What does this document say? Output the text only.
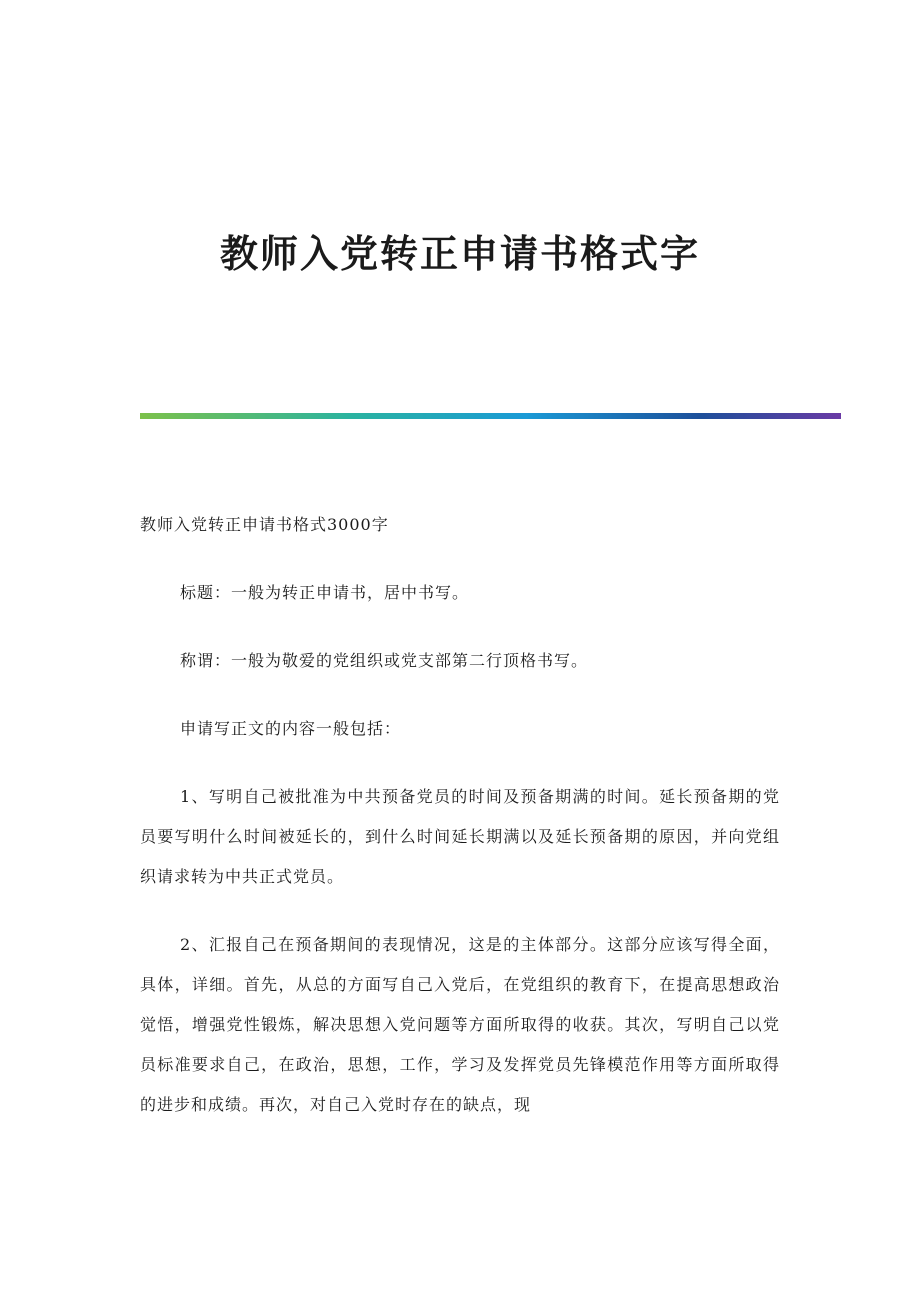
教师入党转正申请书格式字

教师入党转正申请书格式3000字

标题：一般为转正申请书，居中书写。

称谓：一般为敬爱的党组织或党支部第二行顶格书写。

申请写正文的内容一般包括：

1、写明自己被批准为中共预备党员的时间及预备期满的时间。延长预备期的党员要写明什么时间被延长的，到什么时间延长期满以及延长预备期的原因，并向党组织请求转为中共正式党员。

2、汇报自己在预备期间的表现情况，这是的主体部分。这部分应该写得全面，具体，详细。首先，从总的方面写自己入党后，在党组织的教育下，在提高思想政治觉悟，增强党性锻炼，解决思想入党问题等方面所取得的收获。其次，写明自己以党员标准要求自己，在政治，思想，工作，学习及发挥党员先锋模范作用等方面所取得的进步和成绩。再次，对自己入党时存在的缺点，现
